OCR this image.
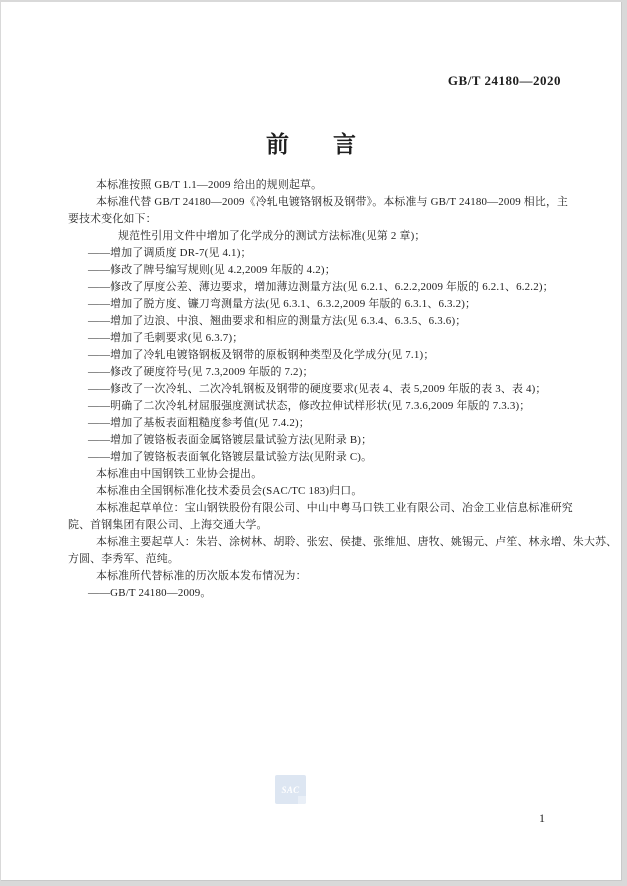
GB/T 24180—2020
前言

本标准按照 GB/T 1.1—2009 给出的规则起草。

本标准代替 GB/T 24180—2009《冷轧电镀铬钢板及钢带》。本标准与 GB/T 24180—2009 相比，主

要技术变化如下：

规范性引用文件中增加了化学成分的测试方法标准(见第 2 章)；

——增加了调质度 DR-7(见 4.1)；

——修改了牌号编写规则(见 4.2,2009 年版的 4.2)；

——修改了厚度公差、薄边要求，增加薄边测量方法(见 6.2.1、6.2.2,2009 年版的 6.2.1、6.2.2)；

——增加了脱方度、镰刀弯测量方法(见 6.3.1、6.3.2,2009 年版的 6.3.1、6.3.2)；

——增加了边浪、中浪、翘曲要求和相应的测量方法(见 6.3.4、6.3.5、6.3.6)；

——增加了毛刺要求(见 6.3.7)；

——增加了冷轧电镀铬钢板及钢带的原板钢种类型及化学成分(见 7.1)；

——修改了硬度符号(见 7.3,2009 年版的 7.2)；

——修改了一次冷轧、二次冷轧钢板及钢带的硬度要求(见表 4、表 5,2009 年版的表 3、表 4)；

——明确了二次冷轧材屈服强度测试状态，修改拉伸试样形状(见 7.3.6,2009 年版的 7.3.3)；

——增加了基板表面粗糙度参考值(见 7.4.2)；

——增加了镀铬板表面金属铬镀层量试验方法(见附录 B)；

——增加了镀铬板表面氧化铬镀层量试验方法(见附录 C)。

本标准由中国钢铁工业协会提出。

本标准由全国钢标准化技术委员会(SAC/TC 183)归口。

本标准起草单位：宝山钢铁股份有限公司、中山中粤马口铁工业有限公司、冶金工业信息标准研究

院、首钢集团有限公司、上海交通大学。

本标准主要起草人：朱岩、涂树林、胡聆、张宏、侯捷、张维旭、唐牧、姚锡元、卢笙、林永增、朱大苏、

方圆、李秀军、范纯。

本标准所代替标准的历次版本发布情况为：

——GB/T 24180—2009。

SAC
1
